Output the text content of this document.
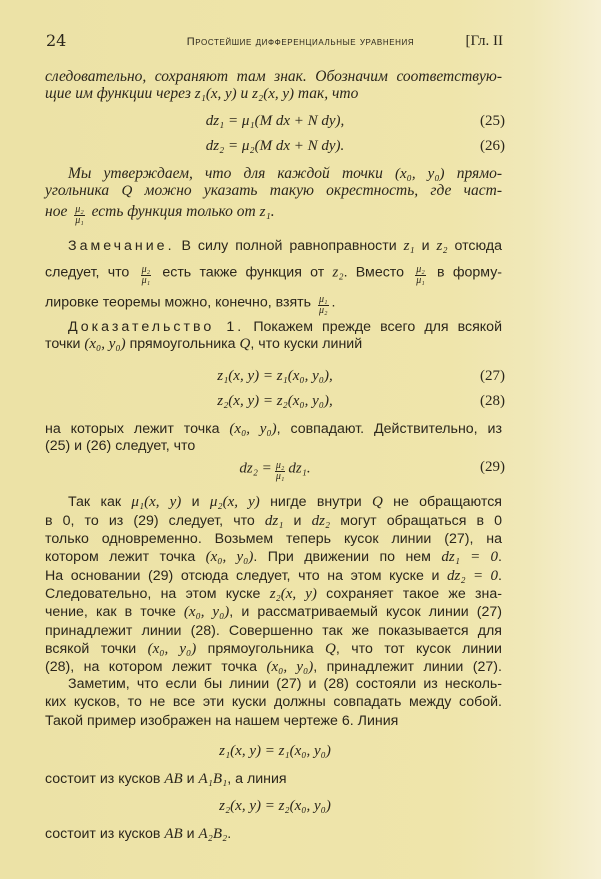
24	Простейшие дифференциальные уравнения	[Гл. II
следовательно, сохраняют там знак. Обозначим соответствую-
щие им функции через z₁(x, y) и z₂(x, y) так, что
dz₁ = μ₁(M dx + N dy),	(25)
dz₂ = μ₂(M dx + N dy).	(26)
Мы утверждаем, что для каждой точки (x₀, y₀) прямо-
угольника Q можно указать такую окрестность, где част-
ное $\frac{\text{μ₂}}{\text{μ₁}}$ есть функция только от z₁.
Замечание. В силу полной равноправности z₁ и z₂ отсюда
следует, что $\frac{\text{μ₂}}{\text{μ₁}}$ есть также функция от z₂. Вместо $\frac{\text{μ₂}}{\text{μ₁}}$ в форму-
лировке теоремы можно, конечно, взять $\frac{\text{μ₁}}{\text{μ₂}}$ .
Доказательство 1. Покажем прежде всего для всякой
точки (x₀, y₀) прямоугольника Q, что куски линий
z₁(x, y) = z₁(x₀, y₀),	(27)
z₂(x, y) = z₂(x₀, y₀),	(28)
на которых лежит точка (x₀, y₀), совпадают. Действительно, из
(25) и (26) следует, что
$dz_2 = \frac{\text{μ₂}}{\text{μ₁}} dz_1$.	(29)
Так как μ₁(x, y) и μ₂(x, y) нигде внутри Q не обращаются
в 0, то из (29) следует, что dz₁ и dz₂ могут обращаться в 0
только одновременно. Возьмем теперь кусок линии (27), на
котором лежит точка (x₀, y₀). При движении по нем dz₁ = 0.
На основании (29) отсюда следует, что на этом куске и dz₂ = 0.
Следовательно, на этом куске z₂(x, y) сохраняет такое же зна-
чение, как в точке (x₀, y₀), и рассматриваемый кусок линии (27)
принадлежит линии (28). Совершенно так же показывается для
всякой точки (x₀, y₀) прямоугольника Q, что тот кусок линии
(28), на котором лежит точка (x₀, y₀), принадлежит линии (27).
Заметим, что если бы линии (27) и (28) состояли из несколь-
ких кусков, то не все эти куски должны совпадать между собой.
Такой пример изображен на нашем чертеже 6. Линия
z₁(x, y) = z₁(x₀, y₀)
состоит из кусков AB и A₁B₁, а линия
z₂(x, y) = z₂(x₀, y₀)
состоит из кусков AB и A₂B₂.
